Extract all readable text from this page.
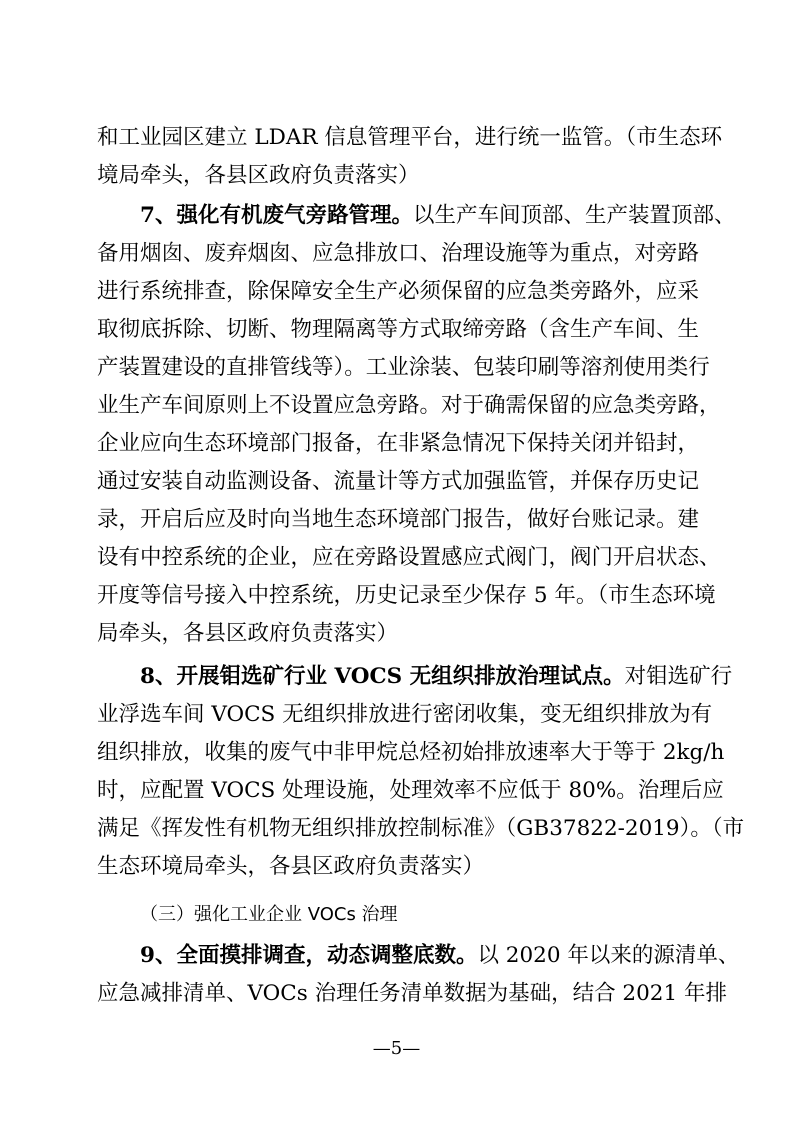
和工业园区建立 LDAR 信息管理平台，进行统一监管。（市生态环
境局牵头，各县区政府负责落实）
7、强化有机废气旁路管理。以生产车间顶部、生产装置顶部、
备用烟囱、废弃烟囱、应急排放口、治理设施等为重点，对旁路
进行系统排查，除保障安全生产必须保留的应急类旁路外，应采
取彻底拆除、切断、物理隔离等方式取缔旁路（含生产车间、生
产装置建设的直排管线等）。工业涂装、包装印刷等溶剂使用类行
业生产车间原则上不设置应急旁路。对于确需保留的应急类旁路，
企业应向生态环境部门报备，在非紧急情况下保持关闭并铅封，
通过安装自动监测设备、流量计等方式加强监管，并保存历史记
录，开启后应及时向当地生态环境部门报告，做好台账记录。建
设有中控系统的企业，应在旁路设置感应式阀门，阀门开启状态、
开度等信号接入中控系统，历史记录至少保存 5 年。（市生态环境
局牵头，各县区政府负责落实）
8、开展钼选矿行业 VOCS 无组织排放治理试点。对钼选矿行
业浮选车间 VOCS 无组织排放进行密闭收集，变无组织排放为有
组织排放，收集的废气中非甲烷总烃初始排放速率大于等于 2kg/h
时，应配置 VOCS 处理设施，处理效率不应低于 80%。治理后应
满足《挥发性有机物无组织排放控制标准》（GB37822-2019）。（市
生态环境局牵头，各县区政府负责落实）
（三）强化工业企业 VOCs 治理
9、全面摸排调查，动态调整底数。以 2020 年以来的源清单、
应急减排清单、VOCs 治理任务清单数据为基础，结合 2021 年排
—5—
